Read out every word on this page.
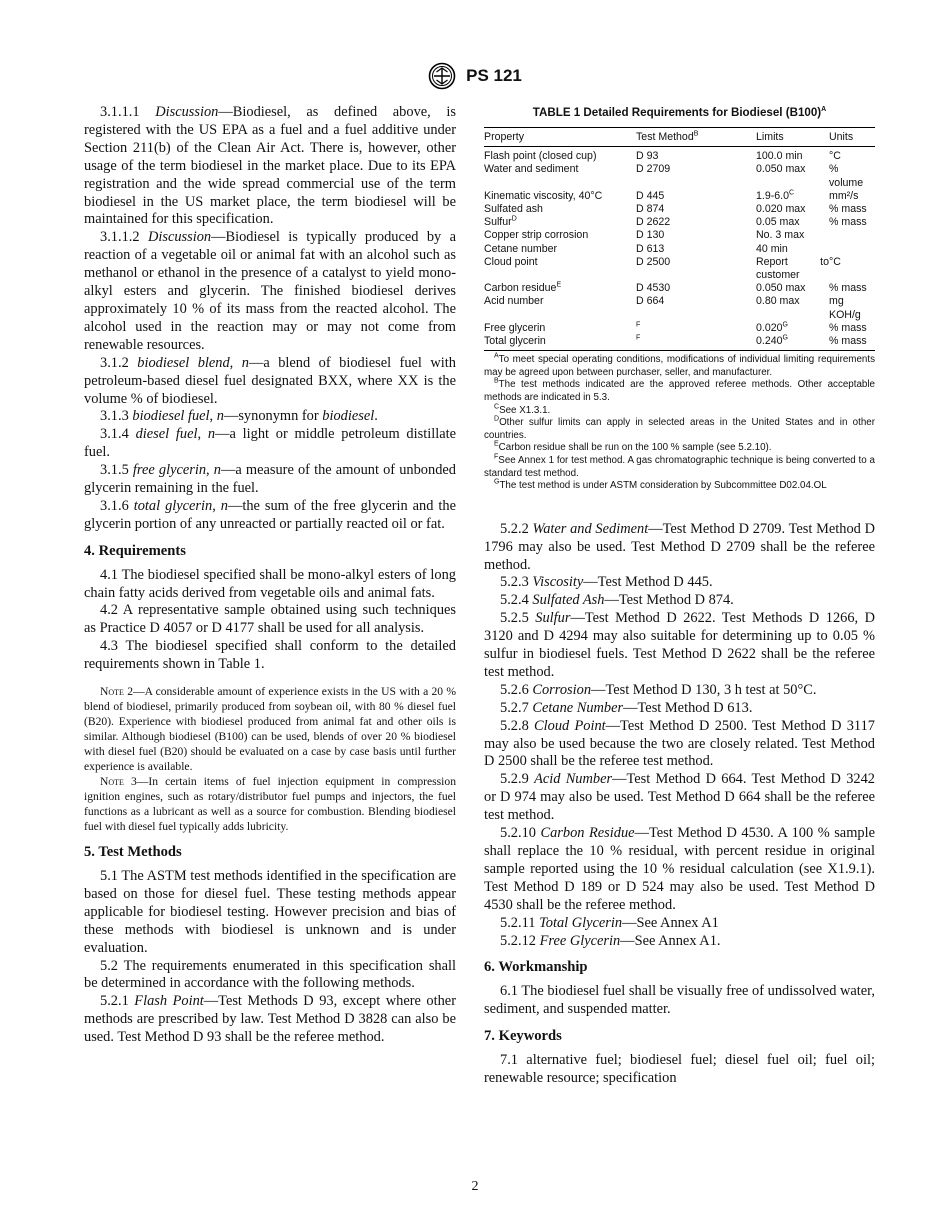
PS 121

3.1.1.1 Discussion—Biodiesel, as defined above, is registered with the US EPA as a fuel and a fuel additive under Section 211(b) of the Clean Air Act. There is, however, other usage of the term biodiesel in the market place. Due to its EPA registration and the wide spread commercial use of the term biodiesel in the US market place, the term biodiesel will be maintained for this specification.

3.1.1.2 Discussion—Biodiesel is typically produced by a reaction of a vegetable oil or animal fat with an alcohol such as methanol or ethanol in the presence of a catalyst to yield mono-alkyl esters and glycerin. The finished biodiesel derives approximately 10 % of its mass from the reacted alcohol. The alcohol used in the reaction may or may not come from renewable resources.

3.1.2 biodiesel blend, n—a blend of biodiesel fuel with petroleum-based diesel fuel designated BXX, where XX is the volume % of biodiesel.

3.1.3 biodiesel fuel, n—synonymn for biodiesel.

3.1.4 diesel fuel, n—a light or middle petroleum distillate fuel.

3.1.5 free glycerin, n—a measure of the amount of unbonded glycerin remaining in the fuel.

3.1.6 total glycerin, n—the sum of the free glycerin and the glycerin portion of any unreacted or partially reacted oil or fat.

4. Requirements

4.1 The biodiesel specified shall be mono-alkyl esters of long chain fatty acids derived from vegetable oils and animal fats.

4.2 A representative sample obtained using such techniques as Practice D 4057 or D 4177 shall be used for all analysis.

4.3 The biodiesel specified shall conform to the detailed requirements shown in Table 1.

Note 2—A considerable amount of experience exists in the US with a 20 % blend of biodiesel, primarily produced from soybean oil, with 80 % diesel fuel (B20). Experience with biodiesel produced from animal fat and other oils is similar. Although biodiesel (B100) can be used, blends of over 20 % biodiesel with diesel fuel (B20) should be evaluated on a case by case basis until further experience is available.

Note 3—In certain items of fuel injection equipment in compression ignition engines, such as rotary/distributor fuel pumps and injectors, the fuel functions as a lubricant as well as a source for combustion. Blending biodiesel fuel with diesel fuel typically adds lubricity.

5. Test Methods

5.1 The ASTM test methods identified in the specification are based on those for diesel fuel. These testing methods appear applicable for biodiesel testing. However precision and bias of these methods with biodiesel is unknown and is under evaluation.

5.2 The requirements enumerated in this specification shall be determined in accordance with the following methods.

5.2.1 Flash Point—Test Methods D 93, except where other methods are prescribed by law. Test Method D 3828 can also be used. Test Method D 93 shall be the referee method.

TABLE 1 Detailed Requirements for Biodiesel $(B100)^A$
Property	Test Method$^B$	Limits	Units
Flash point (closed cup)	D 93	100.0 min	°C
Water and sediment	D 2709	0.050 max	% volume
Kinematic viscosity, 40°C	D 445	$1.9-6.0^C$	mm²/s
Sulfated ash	D 874	0.020 max	% mass
Sulfur$^D$	D 2622	0.05 max	% mass
Copper strip corrosion	D 130	No. 3 max	
Cetane number	D 613	40 min	
Cloud point	D 2500	Report to customer	°C
Carbon residue$^E$	D 4530	0.050 max	% mass
Acid number	D 664	0.80 max	mg KOH/g
Free glycerin	$^F$	$0.020^G$	% mass
Total glycerin	$^F$	$0.240^G$	% mass

$^A$To meet special operating conditions, modifications of individual limiting requirements may be agreed upon between purchaser, seller, and manufacturer.

$^B$The test methods indicated are the approved referee methods. Other acceptable methods are indicated in 5.3.

$^C$See X1.3.1.

$^D$Other sulfur limits can apply in selected areas in the United States and in other countries.

$^E$Carbon residue shall be run on the 100 % sample (see 5.2.10).

$^F$See Annex 1 for test method. A gas chromatographic technique is being converted to a standard test method.

$^G$The test method is under ASTM consideration by Subcommittee D02.04.OL

5.2.2 Water and Sediment—Test Method D 2709. Test Method D 1796 may also be used. Test Method D 2709 shall be the referee method.

5.2.3 Viscosity—Test Method D 445.

5.2.4 Sulfated Ash—Test Method D 874.

5.2.5 Sulfur—Test Method D 2622. Test Methods D 1266, D 3120 and D 4294 may also suitable for determining up to 0.05 % sulfur in biodiesel fuels. Test Method D 2622 shall be the referee test method.

5.2.6 Corrosion—Test Method D 130, 3 h test at 50°C.

5.2.7 Cetane Number—Test Method D 613.

5.2.8 Cloud Point—Test Method D 2500. Test Method D 3117 may also be used because the two are closely related. Test Method D 2500 shall be the referee test method.

5.2.9 Acid Number—Test Method D 664. Test Method D 3242 or D 974 may also be used. Test Method D 664 shall be the referee test method.

5.2.10 Carbon Residue—Test Method D 4530. A 100 % sample shall replace the 10 % residual, with percent residue in original sample reported using the 10 % residual calculation (see X1.9.1). Test Method D 189 or D 524 may also be used. Test Method D 4530 shall be the referee method.

5.2.11 Total Glycerin—See Annex A1

5.2.12 Free Glycerin—See Annex A1.

6. Workmanship

6.1 The biodiesel fuel shall be visually free of undissolved water, sediment, and suspended matter.

7. Keywords

7.1 alternative fuel; biodiesel fuel; diesel fuel oil; fuel oil; renewable resource; specification

2
